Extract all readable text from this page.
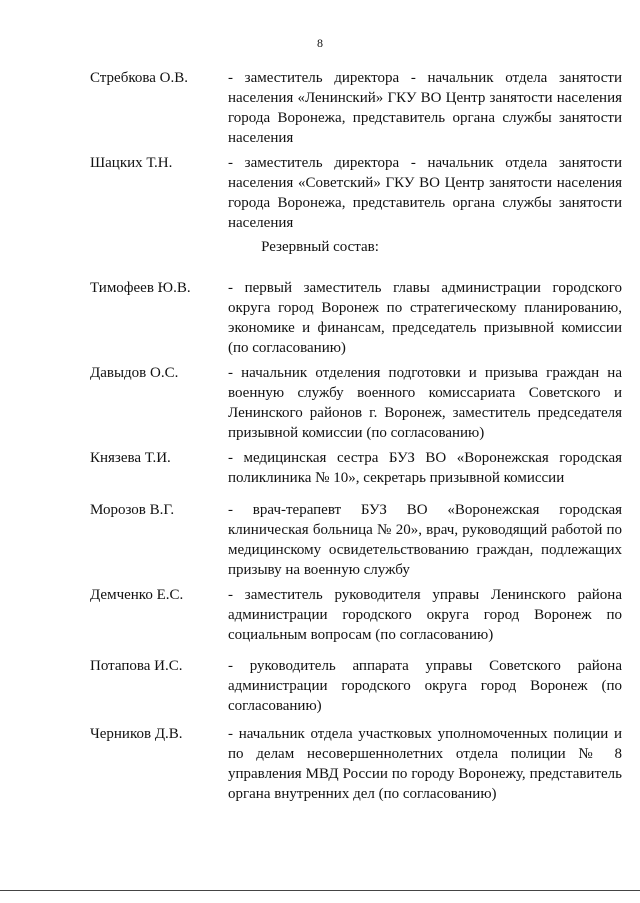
8
Стребкова О.В.	- заместитель директора - начальник отдела занятости населения «Ленинский» ГКУ ВО Центр занятости населения города Воронежа, представитель органа службы занятости населения
Шацких Т.Н.	- заместитель директора - начальник отдела занятости населения «Советский» ГКУ ВО Центр занятости населения города Воронежа, представитель органа службы занятости населения
Резервный состав:
Тимофеев Ю.В.	- первый заместитель главы администрации городского округа город Воронеж по стратегическому планированию, экономике и финансам, председатель призывной комиссии (по согласованию)
Давыдов О.С.	- начальник отделения подготовки и призыва граждан на военную службу военного комиссариата Советского и Ленинского районов г. Воронеж, заместитель председателя призывной комиссии (по согласованию)
Князева Т.И.	- медицинская сестра БУЗ ВО «Воронежская городская поликлиника № 10», секретарь призывной комиссии
Морозов В.Г.	- врач-терапевт БУЗ ВО «Воронежская городская клиническая больница № 20», врач, руководящий работой по медицинскому освидетельствованию граждан, подлежащих призыву на военную службу
Демченко Е.С.	- заместитель руководителя управы Ленинского района администрации городского округа город Воронеж по социальным вопросам (по согласованию)
Потапова И.С.	- руководитель аппарата управы Советского района администрации городского округа город Воронеж (по согласованию)
Черников Д.В.	- начальник отдела участковых уполномоченных полиции и по делам несовершеннолетних отдела полиции № 8 управления МВД России по городу Воронежу, представитель органа внутренних дел (по согласованию)
